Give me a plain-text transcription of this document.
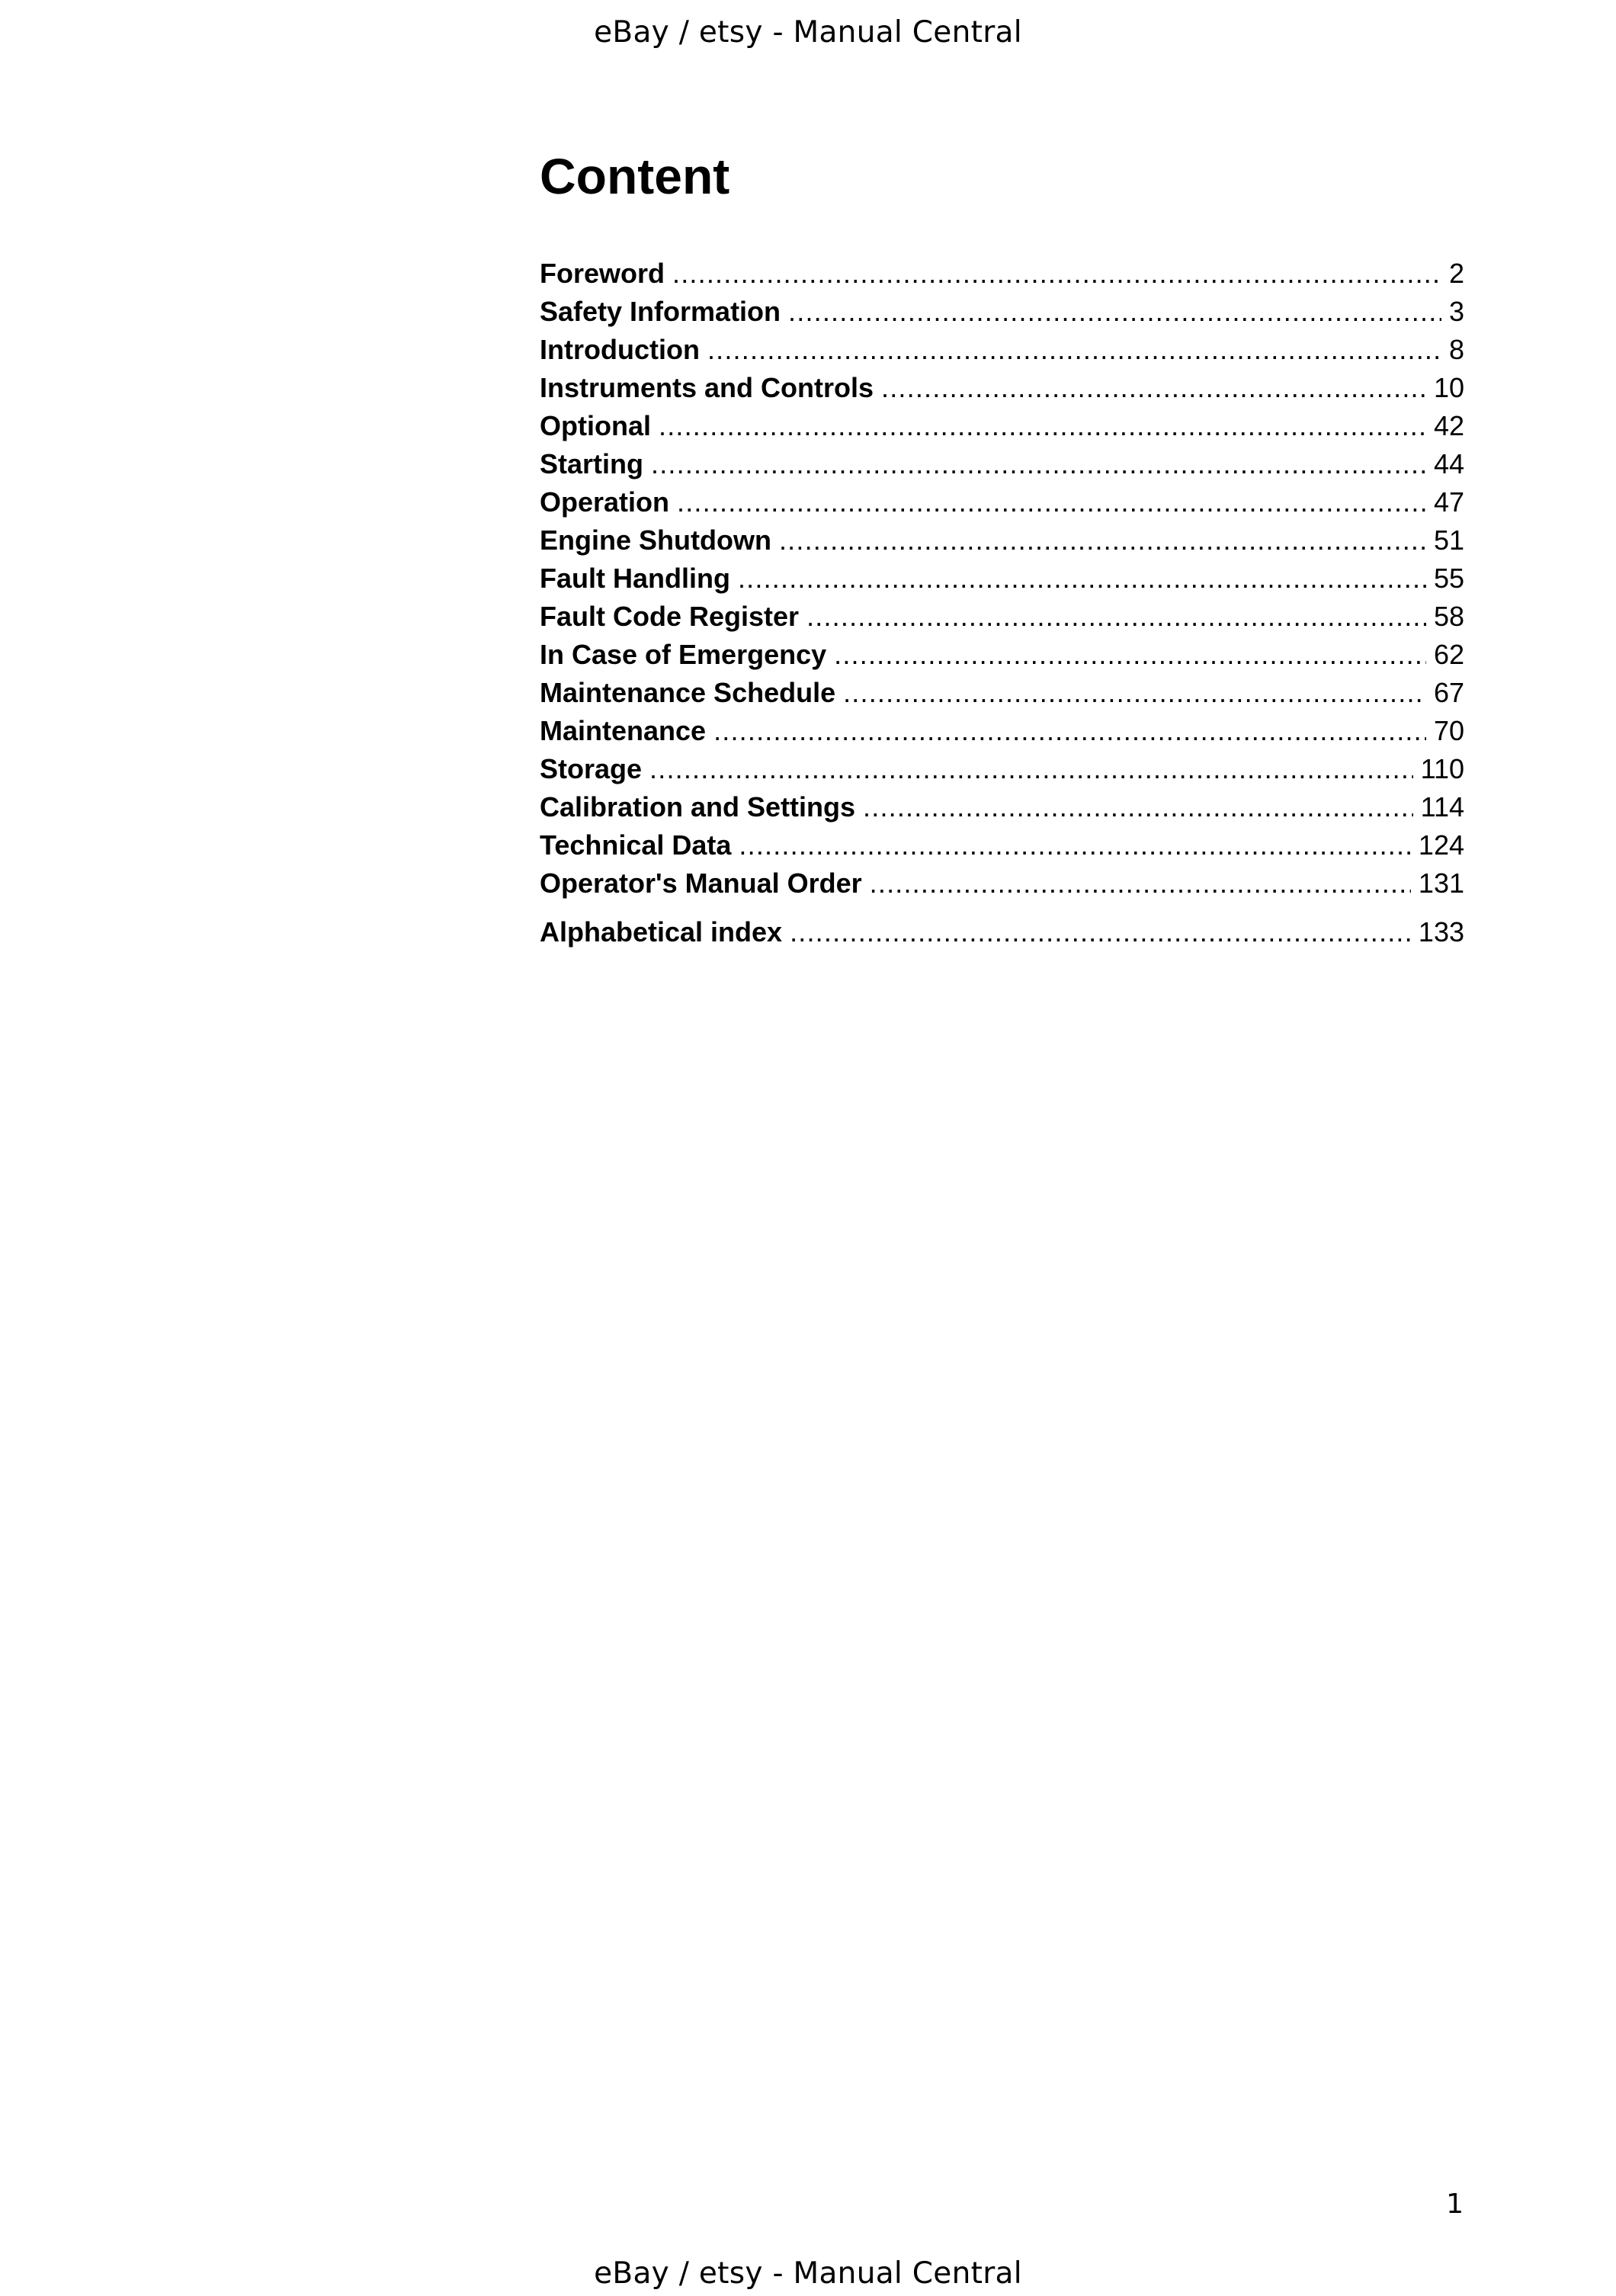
eBay / etsy - Manual Central
Content
Foreword .....	2
Safety Information .....	3
Introduction .....	8
Instruments and Controls .....	10
Optional .....	42
Starting .....	44
Operation .....	47
Engine Shutdown .....	51
Fault Handling .....	55
Fault Code Register .....	58
In Case of Emergency .....	62
Maintenance Schedule .....	67
Maintenance .....	70
Storage .....	110
Calibration and Settings .....	114
Technical Data .....	124
Operator's Manual Order .....	131
Alphabetical index .....	133
1
eBay / etsy - Manual Central
